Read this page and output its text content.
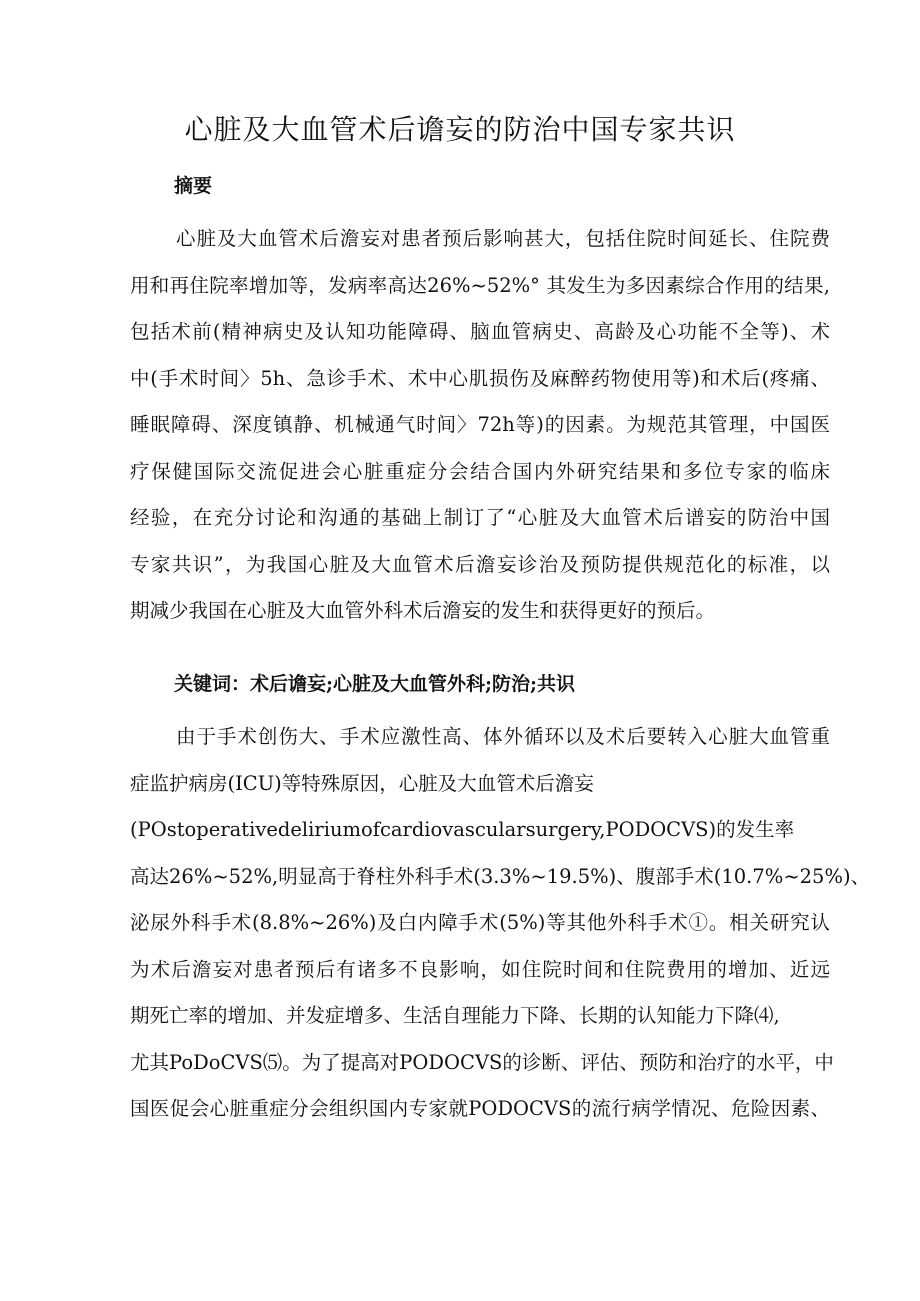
心脏及大血管术后谵妄的防治中国专家共识
摘要
心脏及大血管术后澹妄对患者预后影响甚大，包括住院时间延长、住院费
用和再住院率增加等，发病率高达26%~52%° 其发生为多因素综合作用的结果,
包括术前(精神病史及认知功能障碍、脑血管病史、高龄及心功能不全等)、术
中(手术时间〉5h、急诊手术、术中心肌损伤及麻醉药物使用等)和术后(疼痛、
睡眠障碍、深度镇静、机械通气时间〉72h等)的因素。为规范其管理，中国医
疗保健国际交流促进会心脏重症分会结合国内外研究结果和多位专家的临床
经验，在充分讨论和沟通的基础上制订了“心脏及大血管术后谱妄的防治中国
专家共识”，为我国心脏及大血管术后澹妄诊治及预防提供规范化的标准，以
期减少我国在心脏及大血管外科术后澹妄的发生和获得更好的预后。
关键词：术后谵妄;心脏及大血管外科;防治;共识
由于手术创伤大、手术应激性高、体外循环以及术后要转入心脏大血管重
症监护病房(ICU)等特殊原因，心脏及大血管术后澹妄
(POstoperativedeliriumofcardiovascularsurgery,PODOCVS)的发生率
高达26%~52%,明显高于脊柱外科手术(3.3%~19.5%)、腹部手术(10.7%~25%)、
泌尿外科手术(8.8%~26%)及白内障手术(5%)等其他外科手术①。相关研究认
为术后澹妄对患者预后有诸多不良影响，如住院时间和住院费用的增加、近远
期死亡率的增加、并发症增多、生活自理能力下降、长期的认知能力下降⑷,
尤其PoDoCVS⑸。为了提高对PODOCVS的诊断、评估、预防和治疗的水平，中
国医促会心脏重症分会组织国内专家就PODOCVS的流行病学情况、危险因素、
